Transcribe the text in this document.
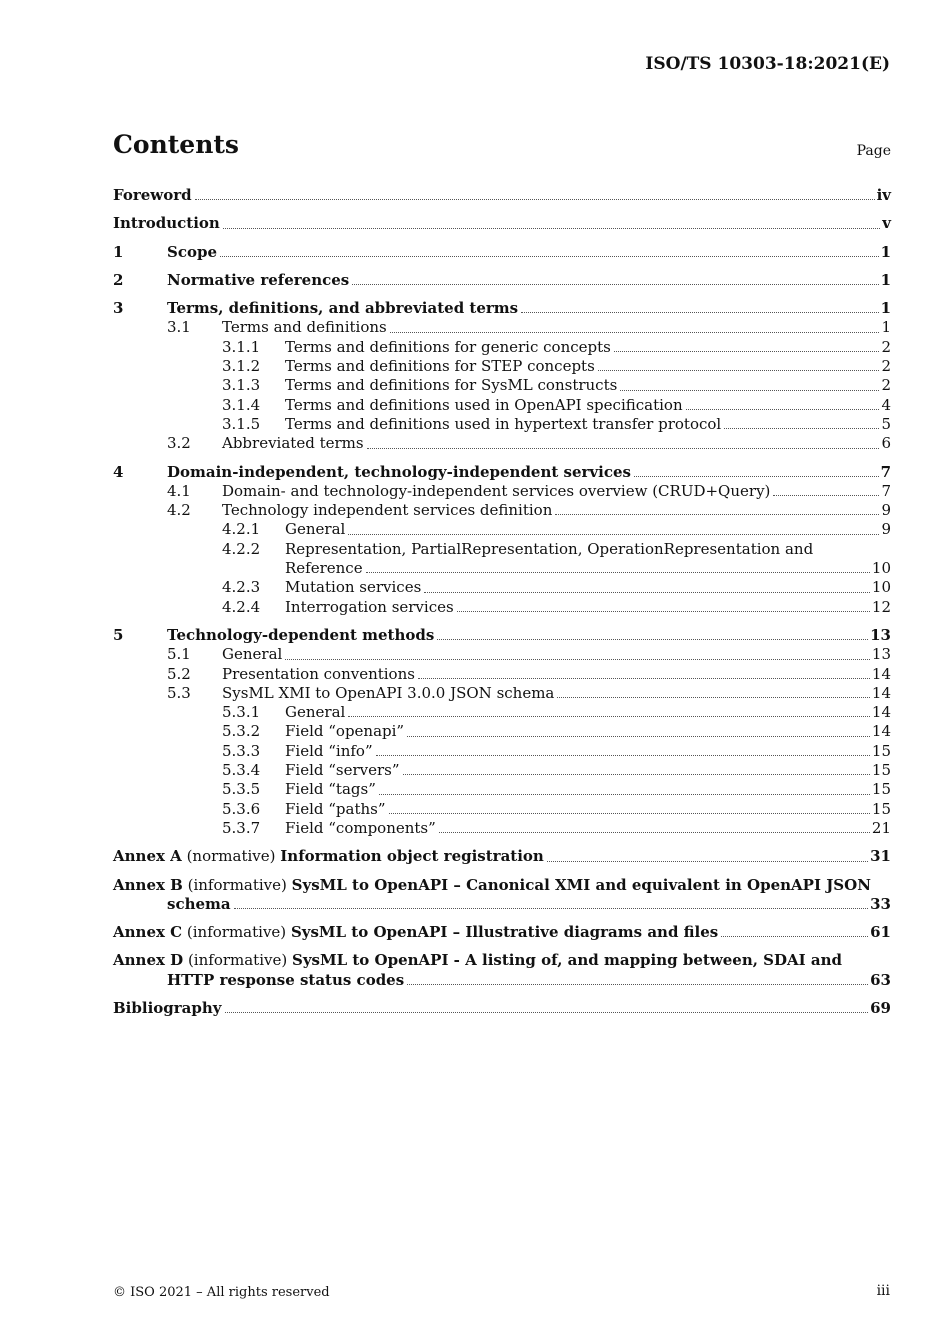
ISO/TS 10303-18:2021(E)
Contents	Page
Foreword	iv
Introduction	v
1	Scope	1
2	Normative references	1
3	Terms, definitions, and abbreviated terms	1
3.1	Terms and definitions	1
3.1.1	Terms and definitions for generic concepts	2
3.1.2	Terms and definitions for STEP concepts	2
3.1.3	Terms and definitions for SysML constructs	2
3.1.4	Terms and definitions used in OpenAPI specification	4
3.1.5	Terms and definitions used in hypertext transfer protocol	5
3.2	Abbreviated terms	6
4	Domain-independent, technology-independent services	7
4.1	Domain- and technology-independent services overview (CRUD+Query)	7
4.2	Technology independent services definition	9
4.2.1	General	9
4.2.2	Representation, PartialRepresentation, OperationRepresentation and
Reference	10
4.2.3	Mutation services	10
4.2.4	Interrogation services	12
5	Technology-dependent methods	13
5.1	General	13
5.2	Presentation conventions	14
5.3	SysML XMI to OpenAPI 3.0.0 JSON schema	14
5.3.1	General	14
5.3.2	Field “openapi”	14
5.3.3	Field “info”	15
5.3.4	Field “servers”	15
5.3.5	Field “tags”	15
5.3.6	Field “paths”	15
5.3.7	Field “components”	21
Annex A (normative) Information object registration	31
Annex B (informative) SysML to OpenAPI – Canonical XMI and equivalent in OpenAPI JSON
schema	33
Annex C (informative) SysML to OpenAPI – Illustrative diagrams and files	61
Annex D (informative) SysML to OpenAPI - A listing of, and mapping between, SDAI and
HTTP response status codes	63
Bibliography	69
© ISO 2021 – All rights reserved	iii
